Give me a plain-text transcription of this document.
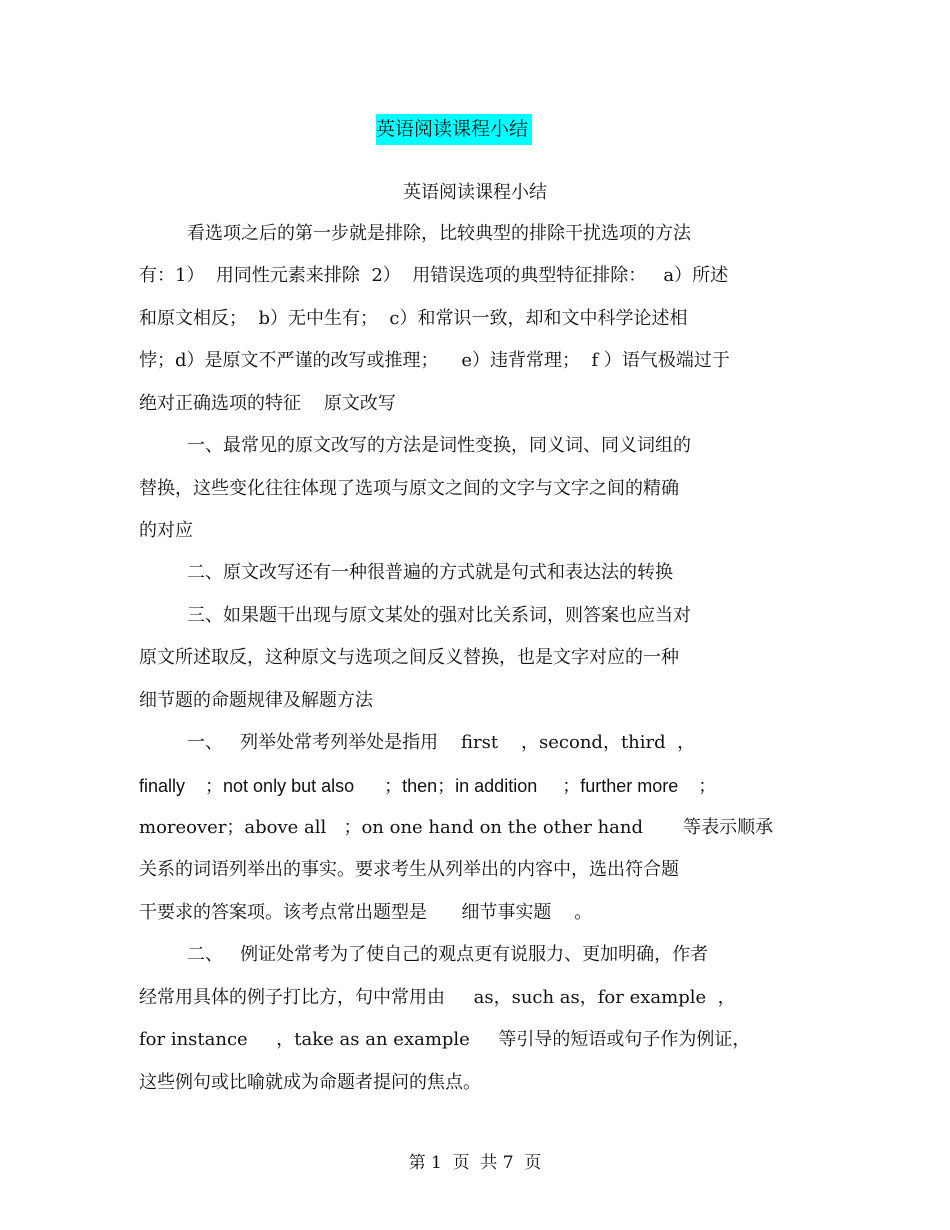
英语阅读课程小结
英语阅读课程小结
看选项之后的第一步就是排除，比较典型的排除干扰选项的方法
有：1）  用同性元素来排除  2）  用错误选项的典型特征排除：   a）所述
和原文相反；  b）无中生有；  c）和常识一致，却和文中科学论述相
悖；d）是原文不严谨的改写或推理；    e）违背常理；  f ）语气极端过于
绝对正确选项的特征    原文改写
一、最常见的原文改写的方法是词性变换，同义词、同义词组的
替换，这些变化往往体现了选项与原文之间的文字与文字之间的精确
的对应
二、原文改写还有一种很普遍的方式就是句式和表达法的转换
三、如果题干出现与原文某处的强对比关系词，则答案也应当对
原文所述取反，这种原文与选项之间反义替换，也是文字对应的一种
细节题的命题规律及解题方法
一、   列举处常考列举处是指用    first    ，second，third  ，
finally    ；not only but also      ；then；in addition     ；further more    ；
moreover；above all   ；on one hand on the other hand       等表示顺承
关系的词语列举出的事实。要求考生从列举出的内容中，选出符合题
干要求的答案项。该考点常出题型是      细节事实题    。
二、   例证处常考为了使自己的观点更有说服力、更加明确，作者
经常用具体的例子打比方，句中常用由     as，such as，for example  ，
for instance     ，take as an example     等引导的短语或句子作为例证，
这些例句或比喻就成为命题者提问的焦点。
第 1  页  共 7  页
